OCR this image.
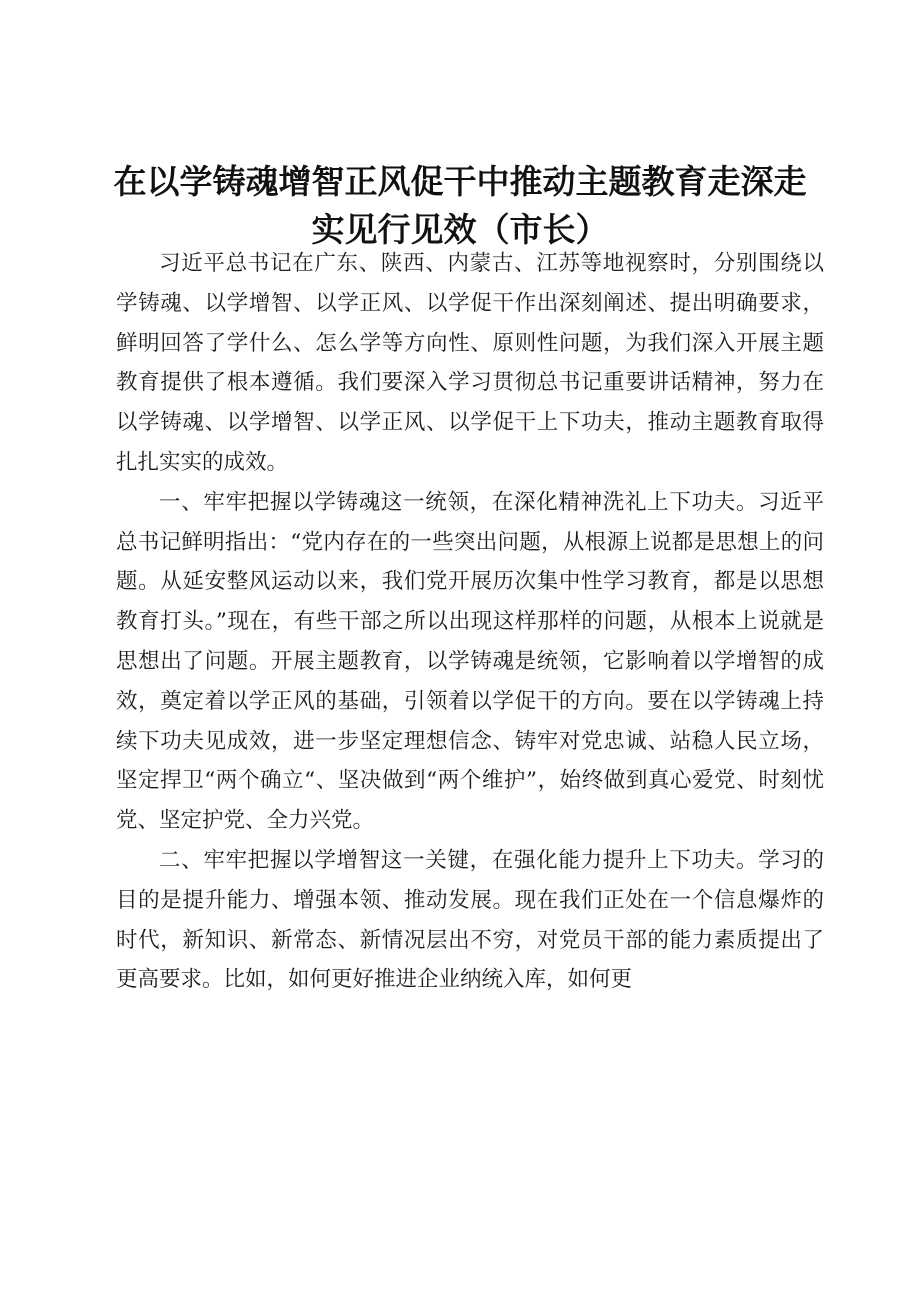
在以学铸魂增智正风促干中推动主题教育走深走
实见行见效（市长）

习近平总书记在广东、陕西、内蒙古、江苏等地视察时，分别围绕以学铸魂、以学增智、以学正风、以学促干作出深刻阐述、提出明确要求，鲜明回答了学什么、怎么学等方向性、原则性问题，为我们深入开展主题教育提供了根本遵循。我们要深入学习贯彻总书记重要讲话精神，努力在以学铸魂、以学增智、以学正风、以学促干上下功夫，推动主题教育取得扎扎实实的成效。

一、牢牢把握以学铸魂这一统领，在深化精神洗礼上下功夫。习近平总书记鲜明指出：“党内存在的一些突出问题，从根源上说都是思想上的问题。从延安整风运动以来，我们党开展历次集中性学习教育，都是以思想教育打头。”现在，有些干部之所以出现这样那样的问题，从根本上说就是思想出了问题。开展主题教育，以学铸魂是统领，它影响着以学增智的成效，奠定着以学正风的基础，引领着以学促干的方向。要在以学铸魂上持续下功夫见成效，进一步坚定理想信念、铸牢对党忠诚、站稳人民立场，坚定捍卫“两个确立“、坚决做到“两个维护”，始终做到真心爱党、时刻忧党、坚定护党、全力兴党。

二、牢牢把握以学增智这一关键，在强化能力提升上下功夫。学习的目的是提升能力、增强本领、推动发展。现在我们正处在一个信息爆炸的时代，新知识、新常态、新情况层出不穷，对党员干部的能力素质提出了更高要求。比如，如何更好推进企业纳统入库，如何更
